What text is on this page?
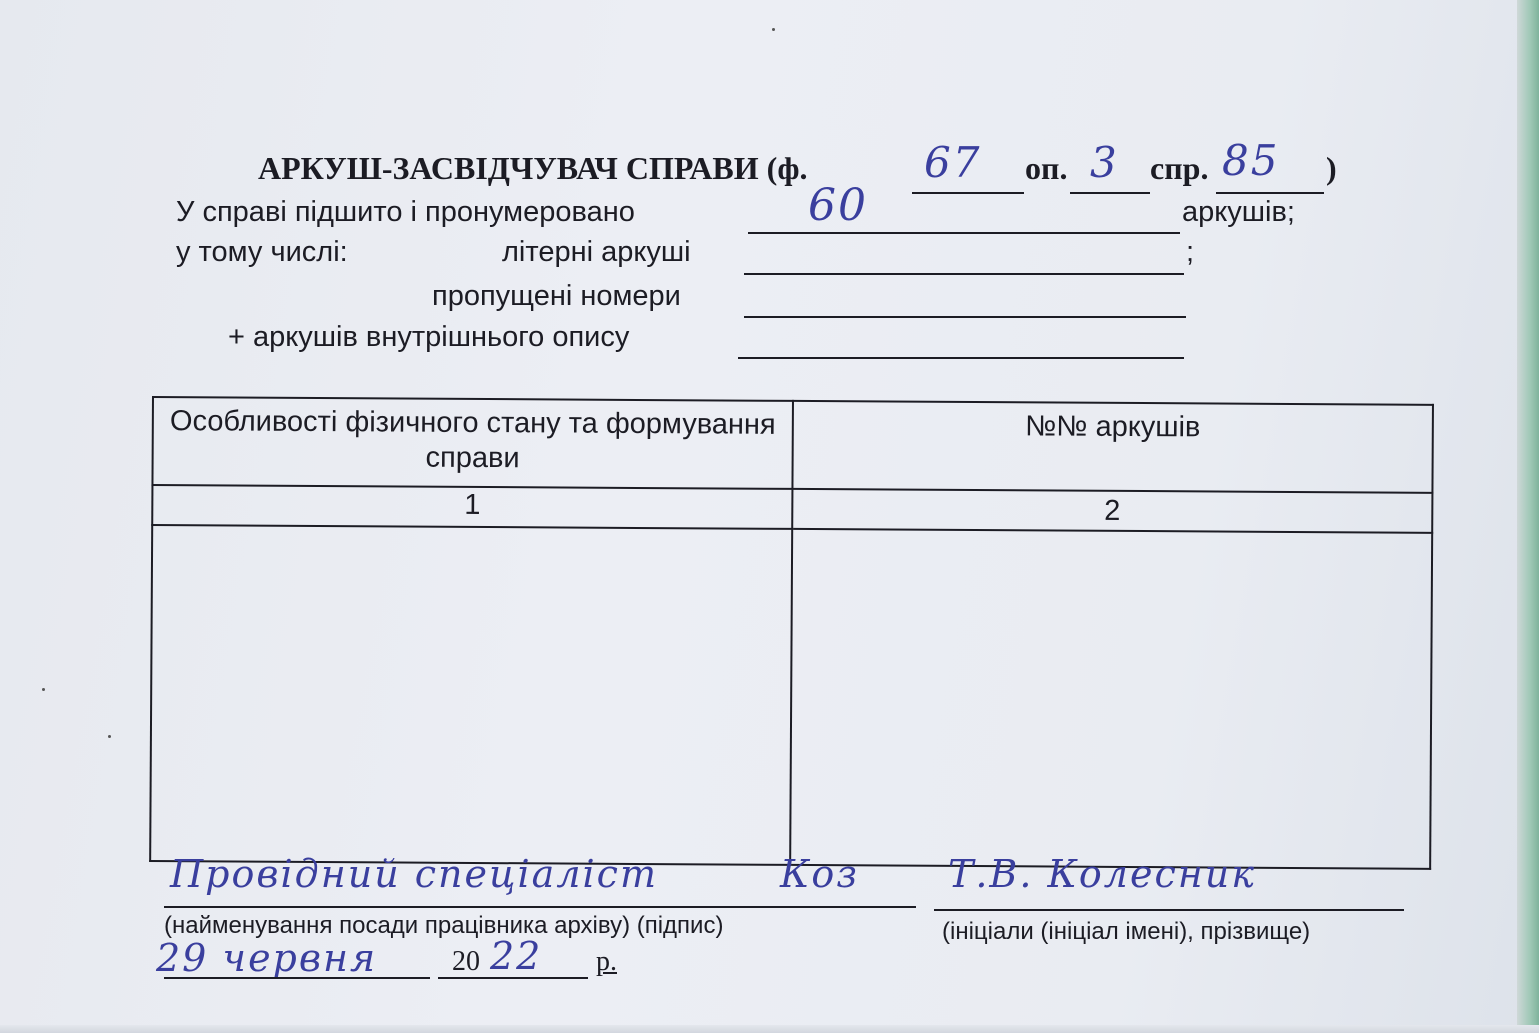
АРКУШ-ЗАСВІДЧУВАЧ СПРАВИ (ф.	67 оп. 3 спр. 85 )
У справі підшито і пронумеровано	60	аркушів;
у тому числі:	літерні аркуші	;
пропущені номери
+ аркушів внутрішнього опису
Особливості фізичного стану та формування справи	№№ аркушів
1	2

Провідний спеціаліст	Коз
(найменування посади працівника архіву) (підпис)
Т.В. Колесник
(ініціали (ініціал імені), прізвище)
29 червня	20 22 р.
